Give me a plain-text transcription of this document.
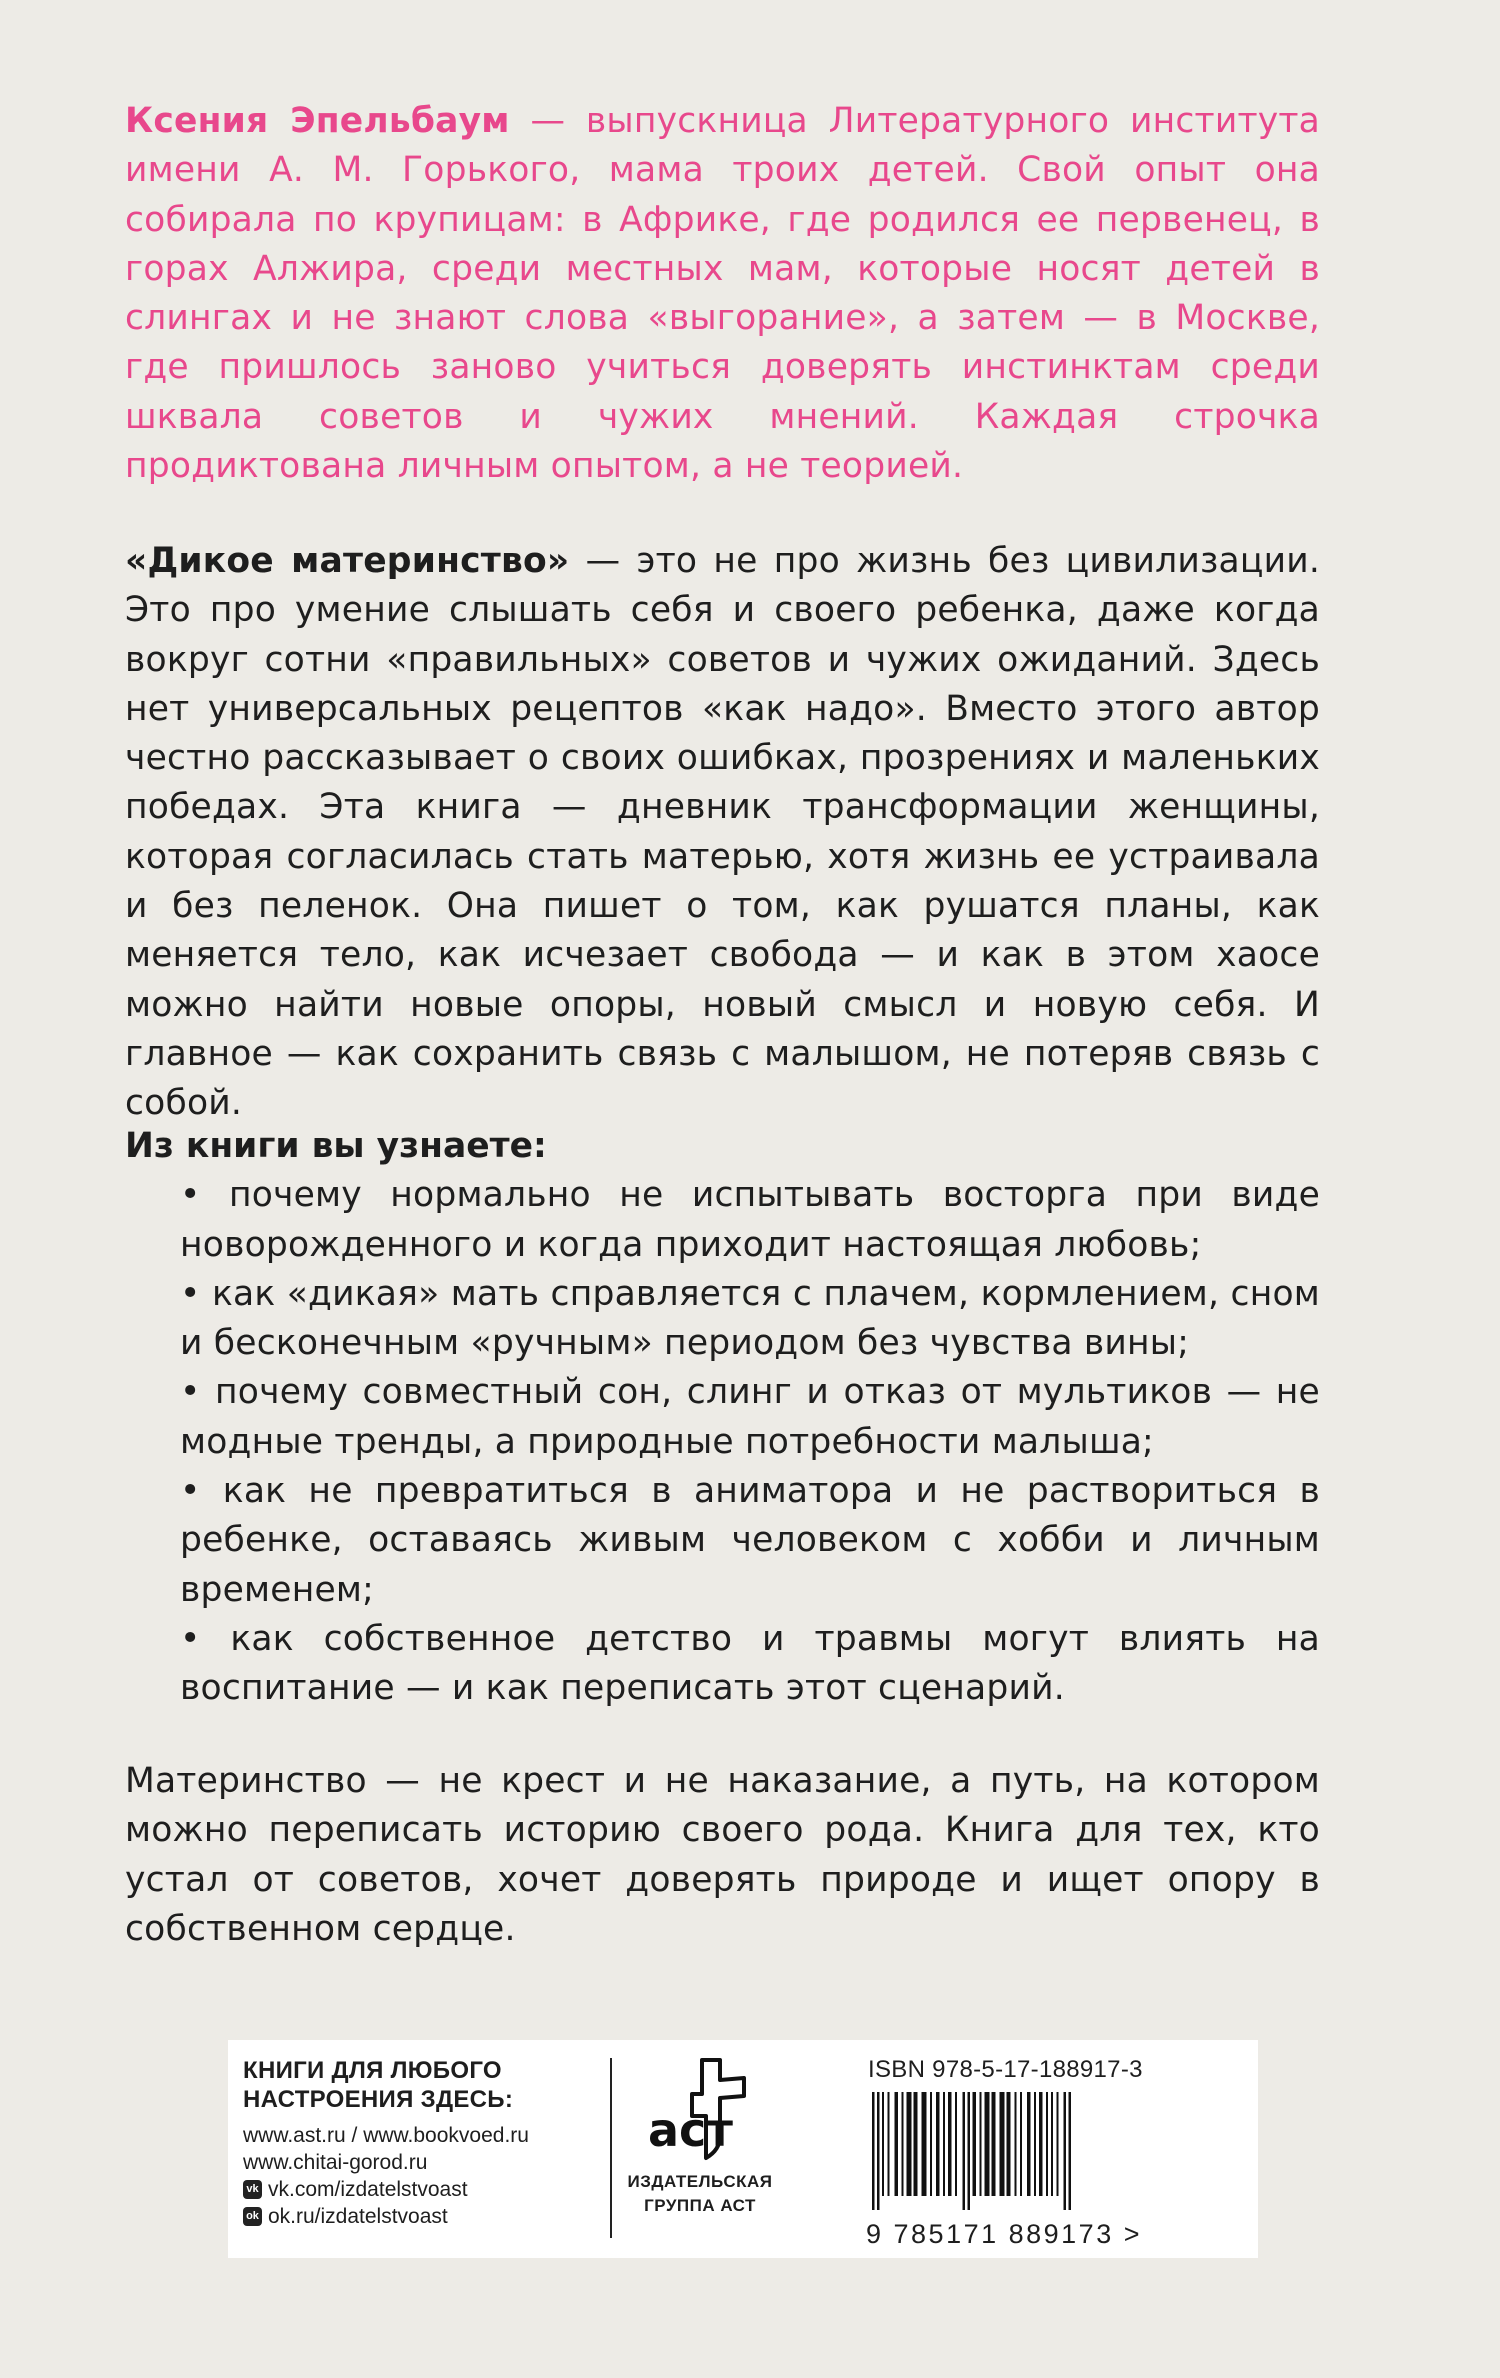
Ксения Эпельбаум — выпускница Литературного института имени А. М. Горького, мама троих детей. Свой опыт она собирала по крупицам: в Африке, где родился ее первенец, в горах Алжира, среди местных мам, которые носят детей в слингах и не знают слова «выгорание», а затем — в Москве, где пришлось заново учиться доверять инстинктам среди шквала советов и чужих мнений. Каждая строчка продиктована личным опытом, а не теорией.

«Дикое материнство» — это не про жизнь без цивилизации. Это про умение слышать себя и своего ребенка, даже когда вокруг сотни «правильных» советов и чужих ожиданий. Здесь нет универсальных рецептов «как надо». Вместо этого автор честно рассказывает о своих ошибках, прозрениях и маленьких победах. Эта книга — дневник трансформации женщины, которая согласилась стать матерью, хотя жизнь ее устраивала и без пеленок. Она пишет о том, как рушатся планы, как меняется тело, как исчезает свобода — и как в этом хаосе можно найти новые опоры, новый смысл и новую себя. И главное — как сохранить связь с малышом, не потеряв связь с собой.

Из книги вы узнаете:

• почему нормально не испытывать восторга при виде новорожденного и когда приходит настоящая любовь;
• как «дикая» мать справляется с плачем, кормлением, сном и бесконечным «ручным» периодом без чувства вины;
• почему совместный сон, слинг и отказ от мультиков — не модные тренды, а природные потребности малыша;
• как не превратиться в аниматора и не раствориться в ребенке, оставаясь живым человеком с хобби и личным временем;
• как собственное детство и травмы могут влиять на воспитание — и как переписать этот сценарий.

Материнство — не крест и не наказание, а путь, на котором можно переписать историю своего рода. Книга для тех, кто устал от советов, хочет доверять природе и ищет опору в собственном сердце.

КНИГИ ДЛЯ ЛЮБОГО

НАСТРОЕНИЯ ЗДЕСЬ:

www.ast.ru / www.bookvoed.ru

www.chitai-gorod.ru

vk vk.com/izdatelstvoast

ok ok.ru/izdatelstvoast

аст
ИЗДАТЕЛЬСКАЯ
ГРУППА АСТ

ISBN 978-5-17-188917-3

9 785171 889173 >
